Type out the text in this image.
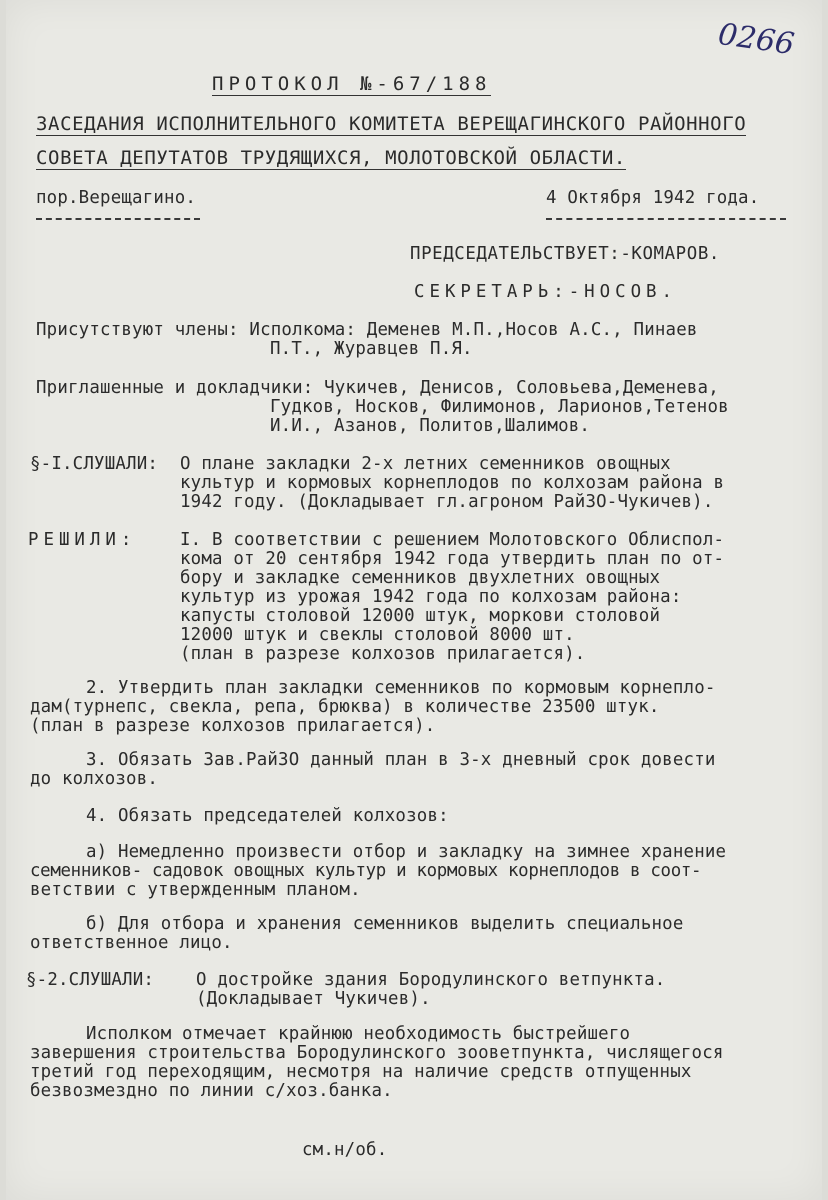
0266
ПРОТОКОЛ №-67/188
ЗАСЕДАНИЯ ИСПОЛНИТЕЛЬНОГО КОМИТЕТА ВЕРЕЩАГИНСКОГО РАЙОННОГО
СОВЕТА ДЕПУТАТОВ ТРУДЯЩИХСЯ, МОЛОТОВСКОЙ ОБЛАСТИ.
пор.Верещагино.	4 Октября 1942 года.
ПРЕДСЕДАТЕЛЬСТВУЕТ:-КОМАРОВ.
СЕКРЕТАРЬ:-НОСОВ.
Присутствуют члены: Исполкома: Деменев М.П.,Носов А.С., Пинаев
П.Т., Журавцев П.Я.
Приглашенные и докладчики: Чукичев, Денисов, Соловьева,Деменева,
Гудков, Носков, Филимонов, Ларионов,Тетенов
И.И., Азанов, Политов,Шалимов.
§-I.СЛУШАЛИ: О плане закладки 2-х летних семенников овощных
культур и кормовых корнеплодов по колхозам района в
1942 году. (Докладывает гл.агроном РайЗО-Чукичев).
РЕШИЛИ:	I. В соответствии с решением Молотовского Облиспол-
кома от 20 сентября 1942 года утвердить план по от-
бору и закладке семенников двухлетних овощных
культур из урожая 1942 года по колхозам района:
капусты столовой 12000 штук, моркови столовой
12000 штук и свеклы столовой 8000 шт.
(план в разрезе колхозов прилагается).
2. Утвердить план закладки семенников по кормовым корнепло-
дам(турнепс, свекла, репа, брюква) в количестве 23500 штук.
(план в разрезе колхозов прилагается).
3. Обязать Зав.РайЗО данный план в 3-х дневный срок довести
до колхозов.
4. Обязать председателей колхозов:
а) Немедленно произвести отбор и закладку на зимнее хранение
семенников- садовок овощных культур и кормовых корнеплодов в соот-
ветствии с утвержденным планом.
б) Для отбора и хранения семенников выделить специальное
ответственное лицо.
§-2.СЛУШАЛИ: О достройке здания Бородулинского ветпункта.
(Докладывает Чукичев).
Исполком отмечает крайнюю необходимость быстрейшего
завершения строительства Бородулинского зооветпункта, числящегося
третий год переходящим, несмотря на наличие средств отпущенных
безвозмездно по линии с/хоз.банка.
см.н/об.
